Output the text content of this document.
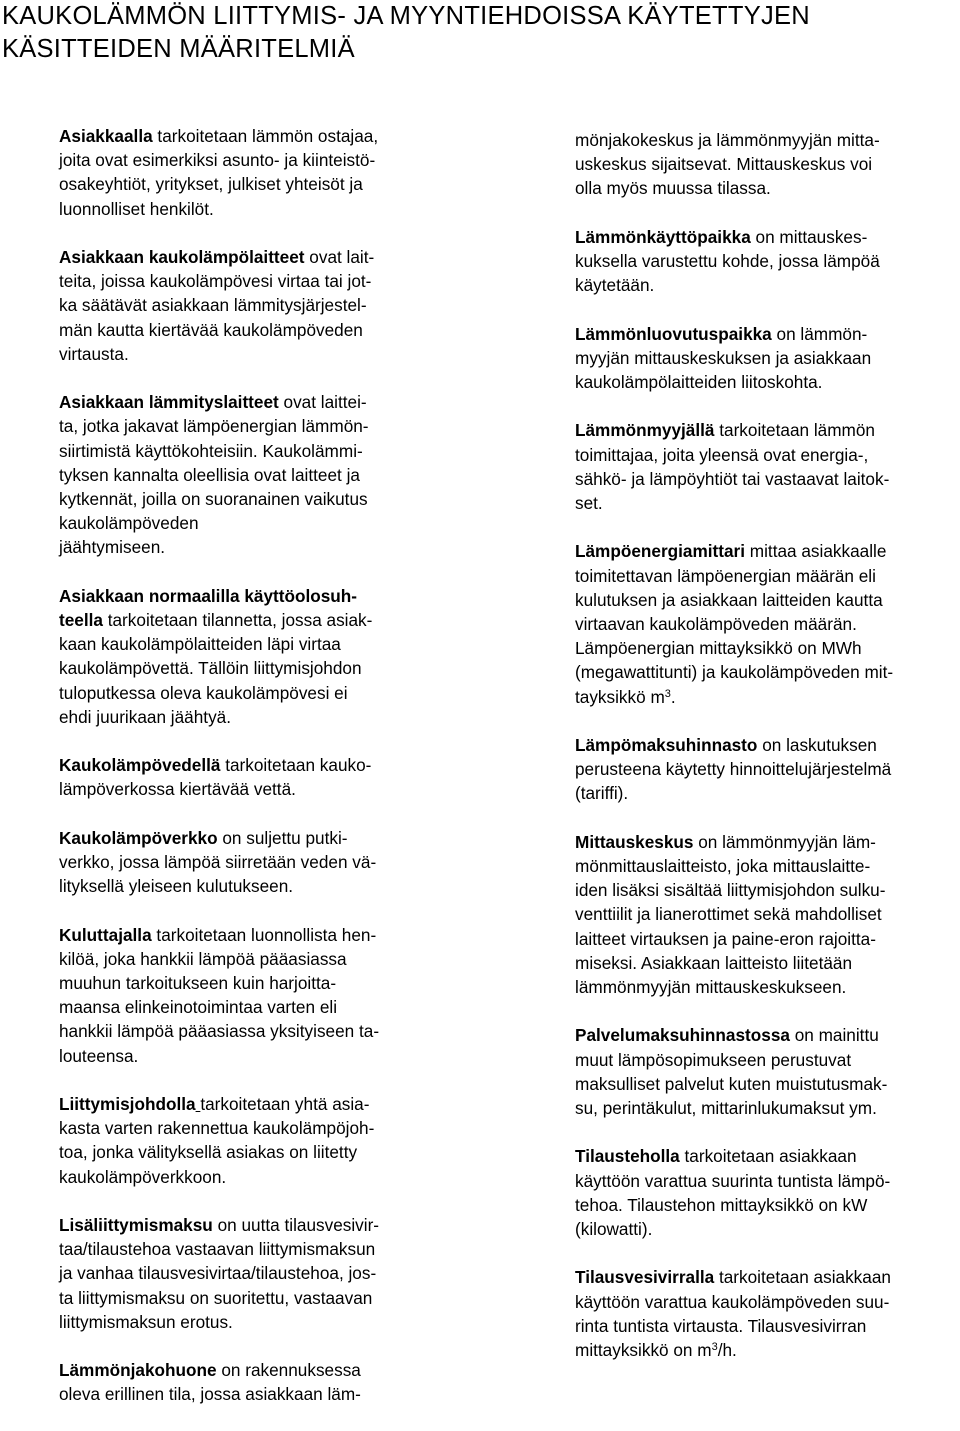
KAUKOLÄMMÖN LIITTYMIS- JA MYYNTIEHDOISSA KÄYTETTYJEN
KÄSITTEIDEN MÄÄRITELMIÄ

Asiakkaalla tarkoitetaan lämmön ostajaa,
joita ovat esimerkiksi asunto- ja kiinteistö-
osakeyhtiöt, yritykset, julkiset yhteisöt ja
luonnolliset henkilöt.

Asiakkaan kaukolämpölaitteet ovat lait-
teita, joissa kaukolämpövesi virtaa tai jot-
ka säätävät asiakkaan lämmitysjärjestel-
män kautta kiertävää kaukolämpöveden
virtausta.

Asiakkaan lämmityslaitteet ovat laittei-
ta, jotka jakavat lämpöenergian lämmön-
siirtimistä käyttökohteisiin. Kaukolämmi-
tyksen kannalta oleellisia ovat laitteet ja
kytkennät, joilla on suoranainen vaikutus
kaukolämpöveden
jäähtymiseen.

Asiakkaan normaalilla käyttöolosuh-
teella tarkoitetaan tilannetta, jossa asiak-
kaan kaukolämpölaitteiden läpi virtaa
kaukolämpövettä. Tällöin liittymisjohdon
tuloputkessa oleva kaukolämpövesi ei
ehdi juurikaan jäähtyä.

Kaukolämpövedellä tarkoitetaan kauko-
lämpöverkossa kiertävää vettä.

Kaukolämpöverkko on suljettu putki-
verkko, jossa lämpöä siirretään veden vä-
lityksellä yleiseen kulutukseen.

Kuluttajalla tarkoitetaan luonnollista hen-
kilöä, joka hankkii lämpöä pääasiassa
muuhun tarkoitukseen kuin harjoitta-
maansa elinkeinotoimintaa varten eli
hankkii lämpöä pääasiassa yksityiseen ta-
louteensa.

Liittymisjohdolla tarkoitetaan yhtä asia-
kasta varten rakennettua kaukolämpöjoh-
toa, jonka välityksellä asiakas on liitetty
kaukolämpöverkkoon.

Lisäliittymismaksu on uutta tilausvesivir-
taa/tilaustehoa vastaavan liittymismaksun
ja vanhaa tilausvesivirtaa/tilaustehoa, jos-
ta liittymismaksu on suoritettu, vastaavan
liittymismaksun erotus.

Lämmönjakohuone on rakennuksessa
oleva erillinen tila, jossa asiakkaan läm-

mönjakokeskus ja lämmönmyyjän mitta-
uskeskus sijaitsevat. Mittauskeskus voi
olla myös muussa tilassa.

Lämmönkäyttöpaikka on mittauskes-
kuksella varustettu kohde, jossa lämpöä
käytetään.

Lämmönluovutuspaikka on lämmön-
myyjän mittauskeskuksen ja asiakkaan
kaukolämpölaitteiden liitoskohta.

Lämmönmyyjällä tarkoitetaan lämmön
toimittajaa, joita yleensä ovat energia-,
sähkö- ja lämpöyhtiöt tai vastaavat laitok-
set.

Lämpöenergiamittari mittaa asiakkaalle
toimitettavan lämpöenergian määrän eli
kulutuksen ja asiakkaan laitteiden kautta
virtaavan kaukolämpöveden määrän.
Lämpöenergian mittayksikkö on MWh
(megawattitunti) ja kaukolämpöveden mit-
tayksikkö $m^3$.

Lämpömaksuhinnasto on laskutuksen
perusteena käytetty hinnoittelujärjestelmä
(tariffi).

Mittauskeskus on lämmönmyyjän läm-
mönmittauslaitteisto, joka mittauslaitte-
iden lisäksi sisältää liittymisjohdon sulku-
venttiilit ja lianerottimet sekä mahdolliset
laitteet virtauksen ja paine-eron rajoitta-
miseksi. Asiakkaan laitteisto liitetään
lämmönmyyjän mittauskeskukseen.

Palvelumaksuhinnastossa on mainittu
muut lämpösopimukseen perustuvat
maksulliset palvelut kuten muistutusmak-
su, perintäkulut, mittarinlukumaksut ym.

Tilausteholla tarkoitetaan asiakkaan
käyttöön varattua suurinta tuntista lämpö-
tehoa. Tilaustehon mittayksikkö on kW
(kilowatti).

Tilausvesivirralla tarkoitetaan asiakkaan
käyttöön varattua kaukolämpöveden suu-
rinta tuntista virtausta. Tilausvesivirran
mittayksikkö on $m^3/h$.
